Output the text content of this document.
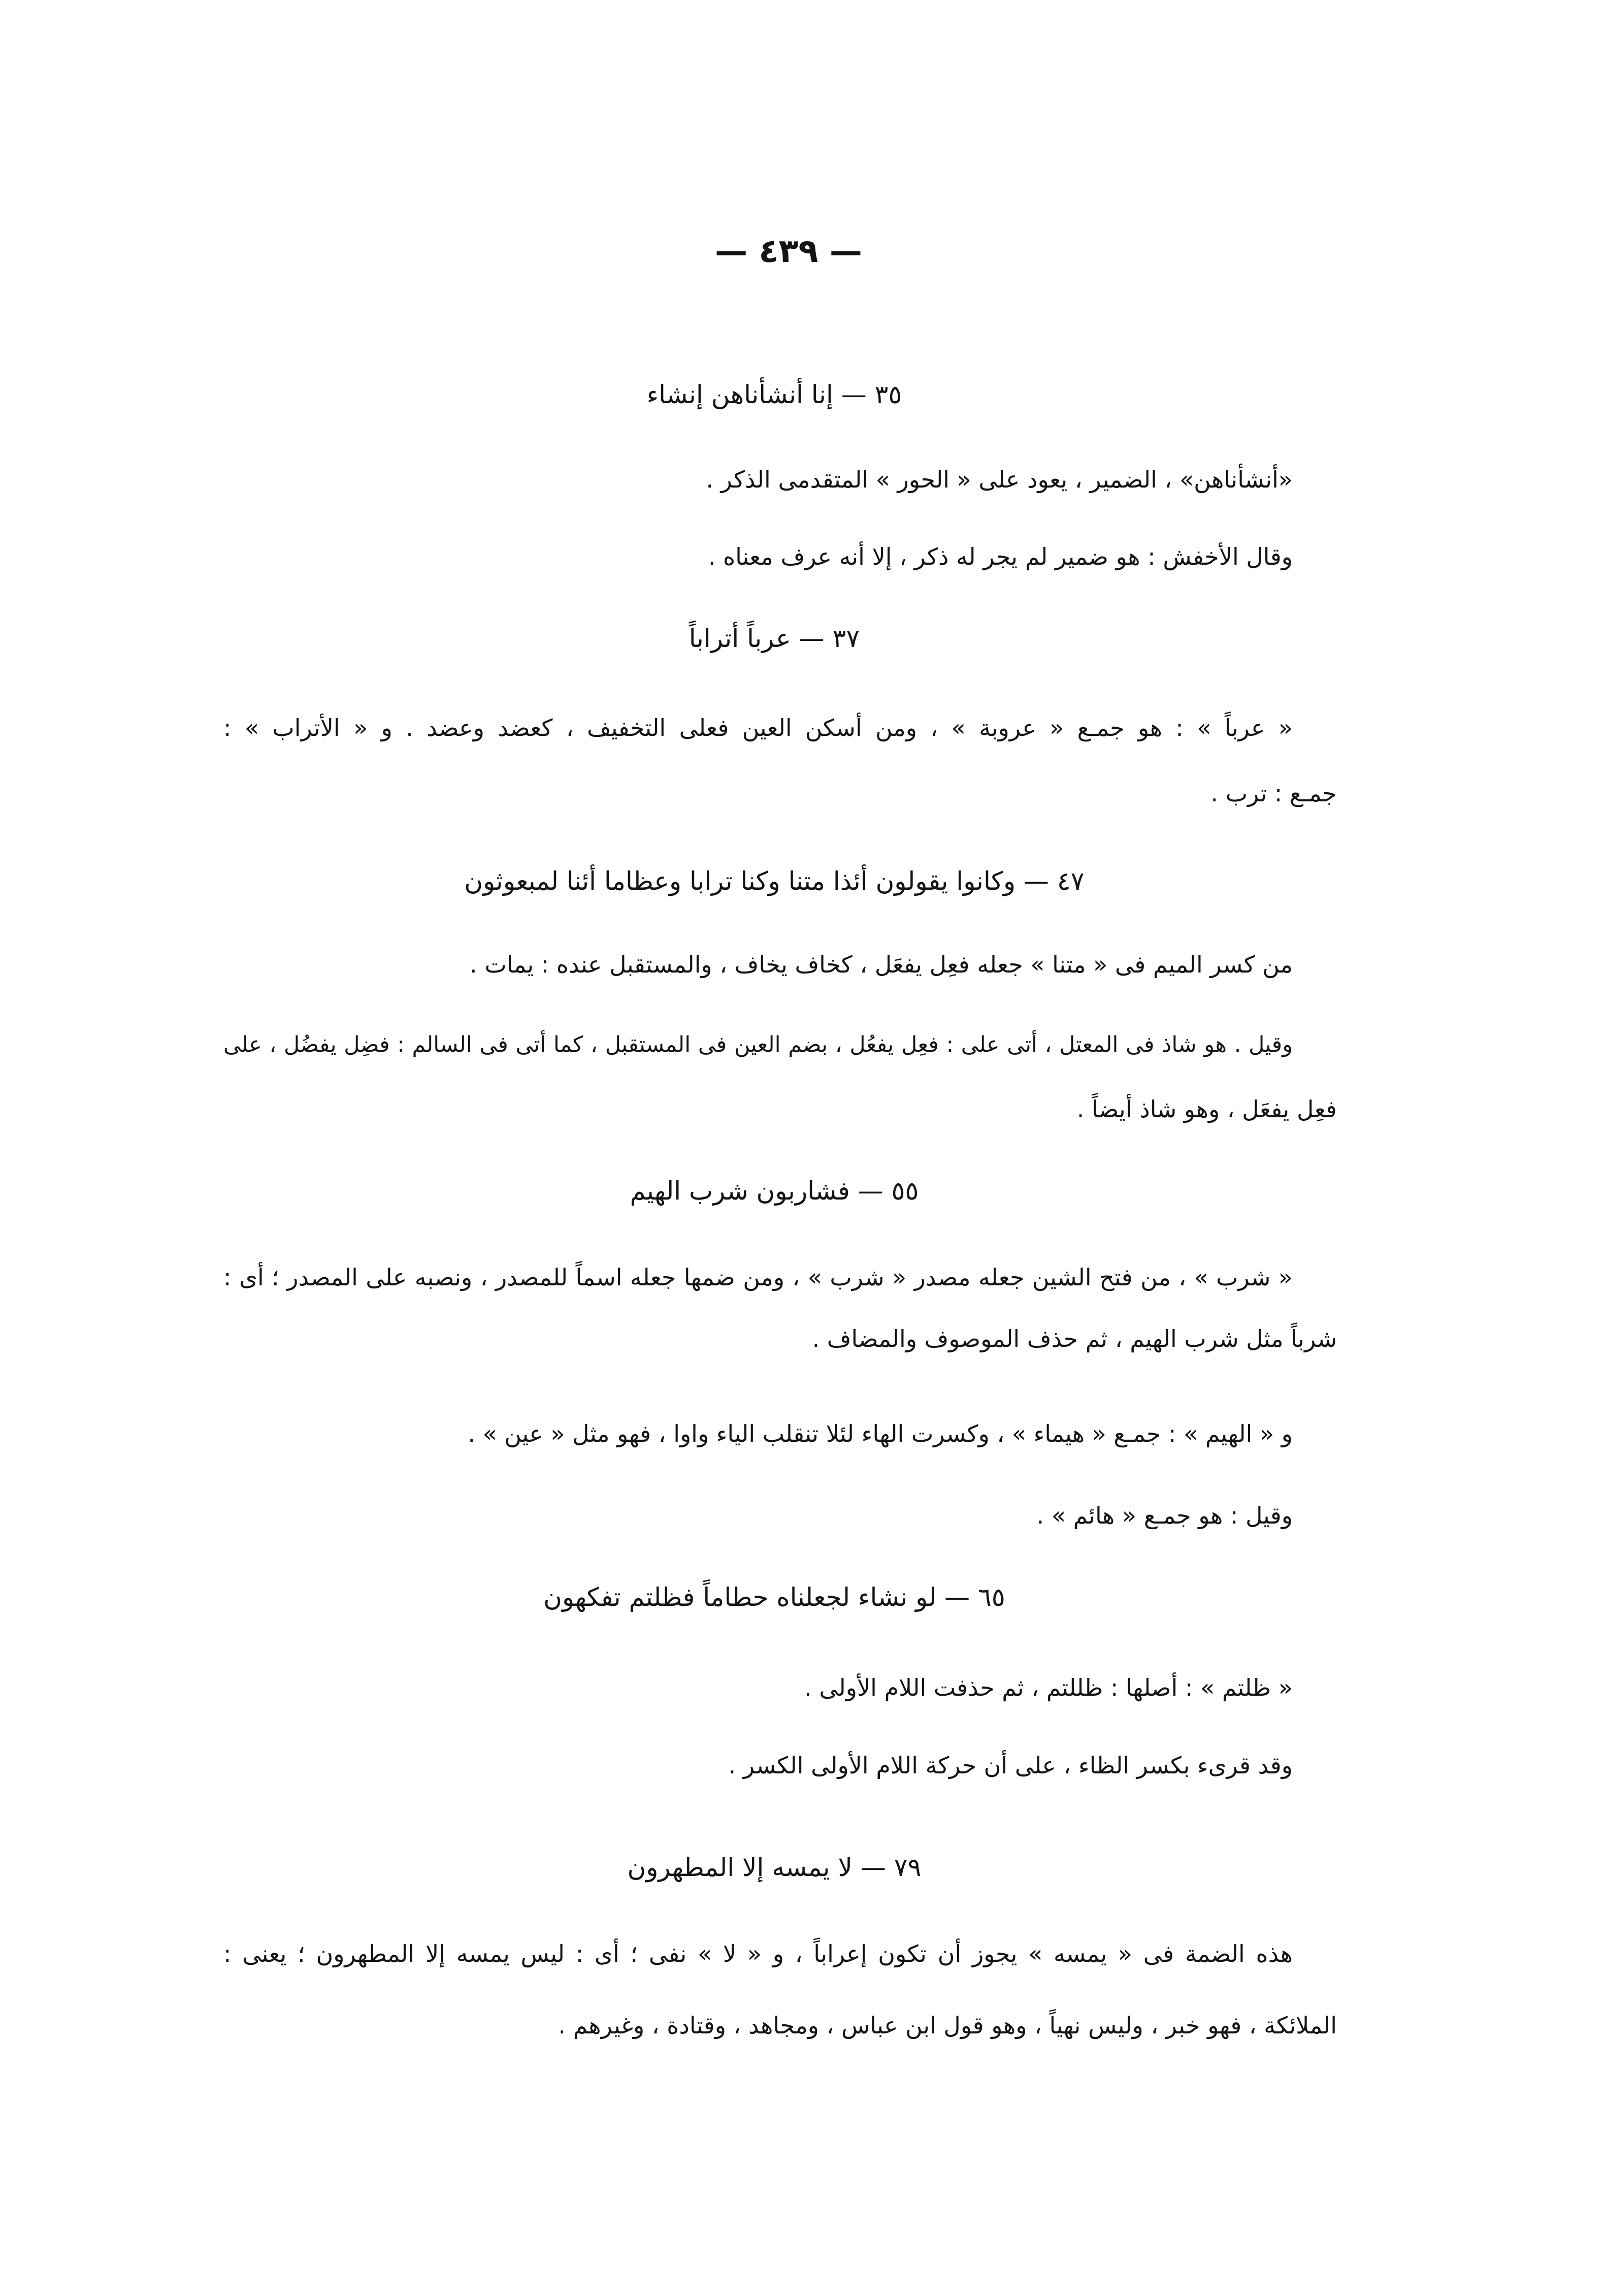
— ٤٣٩ —
٣٥ — إنا أنشأناهن إنشاء
«أنشأناهن» ، الضمير ، يعود على « الحور » المتقدمى الذكر .
وقال الأخفش : هو ضمير لم يجر له ذكر ، إلا أنه عرف معناه .
٣٧ — عرباً أتراباً
« عرباً » : هو جمـع « عروبة » ، ومن أسكن العين فعلى التخفيف ، كعضد وعضد . و « الأتراب » :
جمـع : ترب .
٤٧ — وكانوا يقولون أئذا متنا وكنا ترابا وعظاما أئنا لمبعوثون
من كسر الميم فى « متنا » جعله فعِل يفعَل ، كخاف يخاف ، والمستقبل عنده : يمات .
وقيل . هو شاذ فى المعتل ، أتى على : فعِل يفعُل ، بضم العين فى المستقبل ، كما أتى فى السالم : فضِل يفضُل ، على
فعِل يفعَل ، وهو شاذ أيضاً .
٥٥ — فشاربون شرب الهيم
« شرب » ، من فتح الشين جعله مصدر « شرب » ، ومن ضمها جعله اسماً للمصدر ، ونصبه على المصدر ؛ أى :
شرباً مثل شرب الهيم ، ثم حذف الموصوف والمضاف .
و « الهيم » : جمـع « هيماء » ، وكسرت الهاء لئلا تنقلب الياء واوا ، فهو مثل « عين » .
وقيل : هو جمـع « هائم » .
٦٥ — لو نشاء لجعلناه حطاماً فظلتم تفكهون
« ظلتم » : أصلها : ظللتم ، ثم حذفت اللام الأولى .
وقد قرىء بكسر الظاء ، على أن حركة اللام الأولى الكسر .
٧٩ — لا يمسه إلا المطهرون
هذه الضمة فى « يمسه » يجوز أن تكون إعراباً ، و « لا » نفى ؛ أى : ليس يمسه إلا المطهرون ؛ يعنى :
الملائكة ، فهو خبر ، وليس نهياً ، وهو قول ابن عباس ، ومجاهد ، وقتادة ، وغيرهم .
